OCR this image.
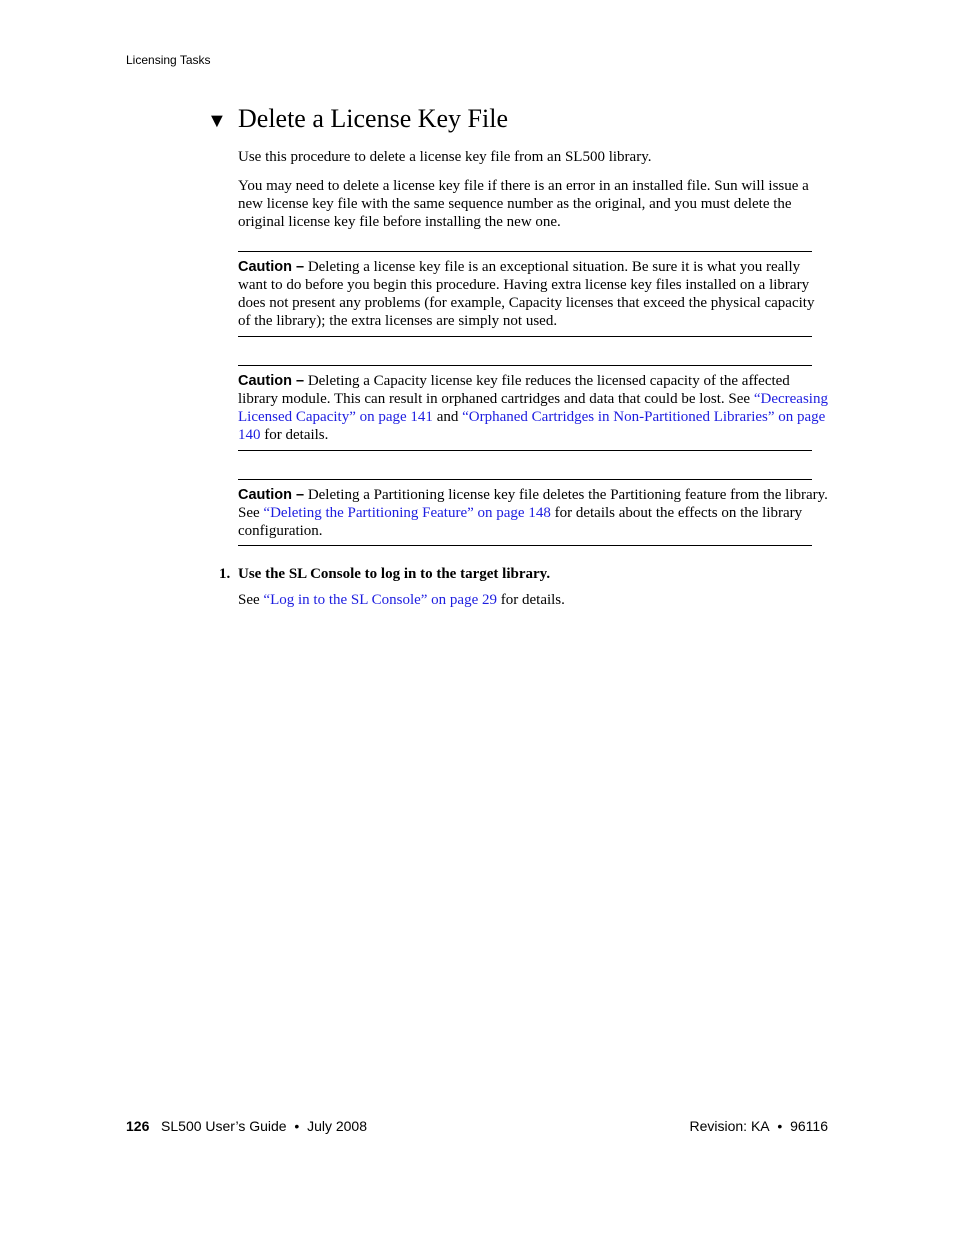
Licensing Tasks
▼ Delete a License Key File

Use this procedure to delete a license key file from an SL500 library.

You may need to delete a license key file if there is an error in an installed file. Sun will issue a new license key file with the same sequence number as the original, and you must delete the original license key file before installing the new one.

Caution – Deleting a license key file is an exceptional situation. Be sure it is what you really want to do before you begin this procedure. Having extra license key files installed on a library does not present any problems (for example, Capacity licenses that exceed the physical capacity of the library); the extra licenses are simply not used.

Caution – Deleting a Capacity license key file reduces the licensed capacity of the affected library module. This can result in orphaned cartridges and data that could be lost. See “Decreasing Licensed Capacity” on page 141 and “Orphaned Cartridges in Non-Partitioned Libraries” on page 140 for details.

Caution – Deleting a Partitioning license key file deletes the Partitioning feature from the library. See “Deleting the Partitioning Feature” on page 148 for details about the effects on the library configuration.

1. Use the SL Console to log in to the target library.

See “Log in to the SL Console” on page 29 for details.

126 SL500 User’s Guide • July 2008	Revision: KA • 96116
